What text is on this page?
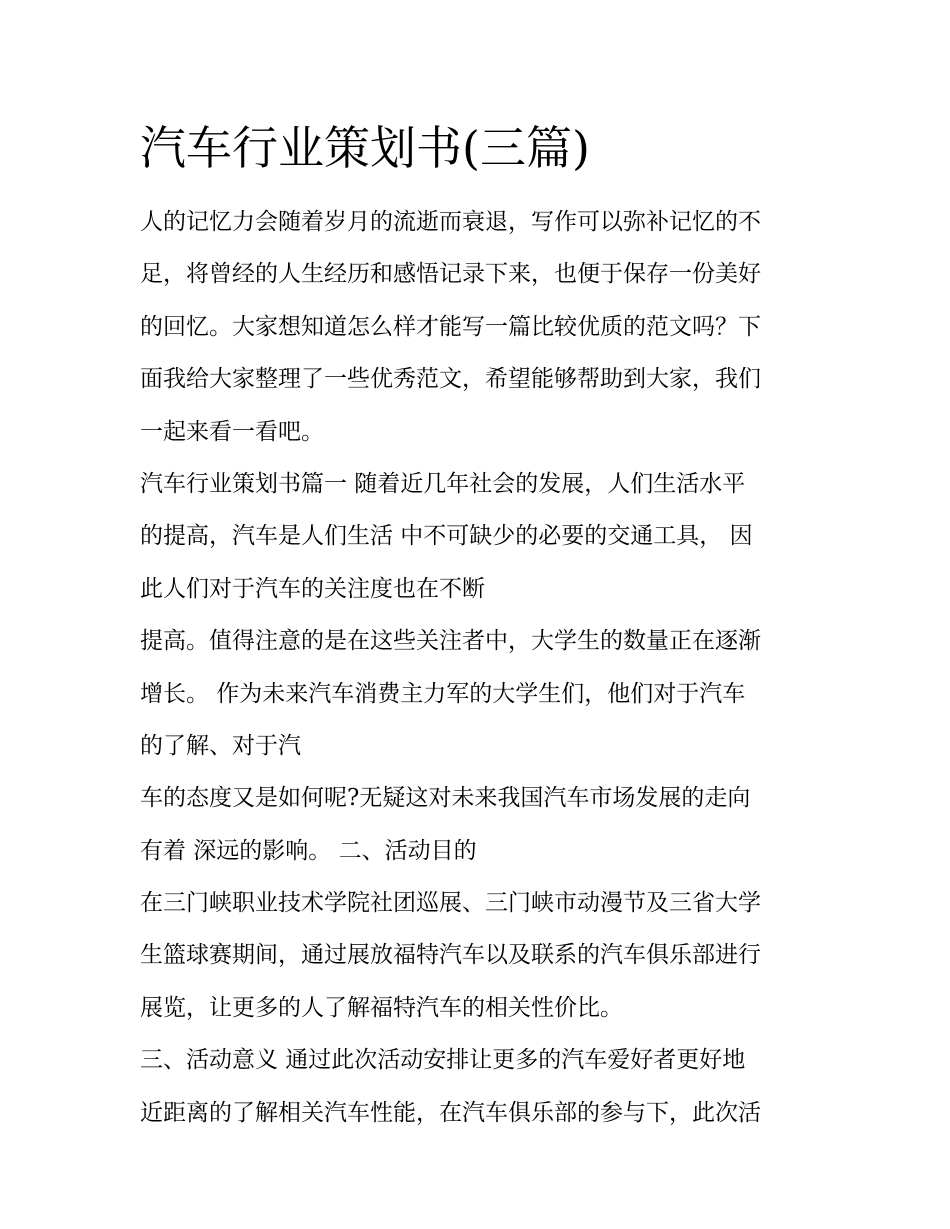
汽车行业策划书(三篇)
人的记忆力会随着岁月的流逝而衰退，写作可以弥补记忆的不
足，将曾经的人生经历和感悟记录下来，也便于保存一份美好
的回忆。大家想知道怎么样才能写一篇比较优质的范文吗？下
面我给大家整理了一些优秀范文，希望能够帮助到大家，我们
一起来看一看吧。
汽车行业策划书篇一 随着近几年社会的发展，人们生活水平
的提高，汽车是人们生活 中不可缺少的必要的交通工具， 因
此人们对于汽车的关注度也在不断
提高。值得注意的是在这些关注者中，大学生的数量正在逐渐
增长。 作为未来汽车消费主力军的大学生们，他们对于汽车
的了解、对于汽
车的态度又是如何呢?无疑这对未来我国汽车市场发展的走向
有着 深远的影响。 二、活动目的
在三门峡职业技术学院社团巡展、三门峡市动漫节及三省大学
生篮球赛期间，通过展放福特汽车以及联系的汽车俱乐部进行
展览，让更多的人了解福特汽车的相关性价比。
三、活动意义 通过此次活动安排让更多的汽车爱好者更好地
近距离的了解相关汽车性能，在汽车俱乐部的参与下，此次活
